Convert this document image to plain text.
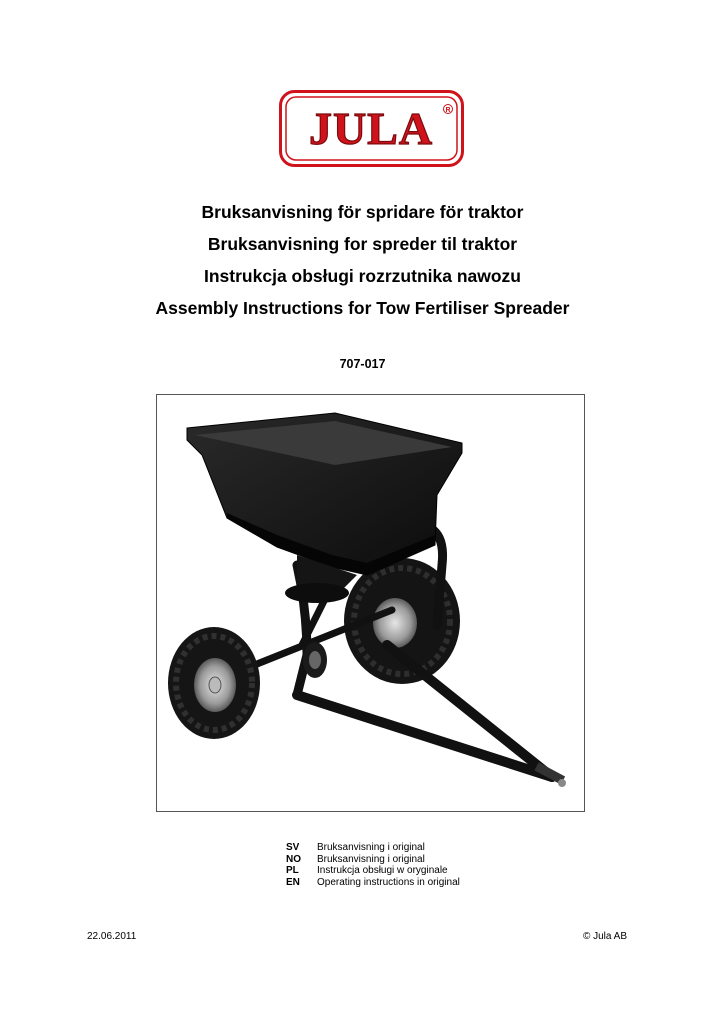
JULA R
Bruksanvisning för spridare för traktor
Bruksanvisning for spreder til traktor
Instrukcja obsługi rozrzutnika nawozu
Assembly Instructions for Tow Fertiliser Spreader
707-017
SV	Bruksanvisning i original
NO	Bruksanvisning i original
PL	Instrukcja obsługi w oryginale
EN	Operating instructions in original
22.06.2011	© Jula AB
